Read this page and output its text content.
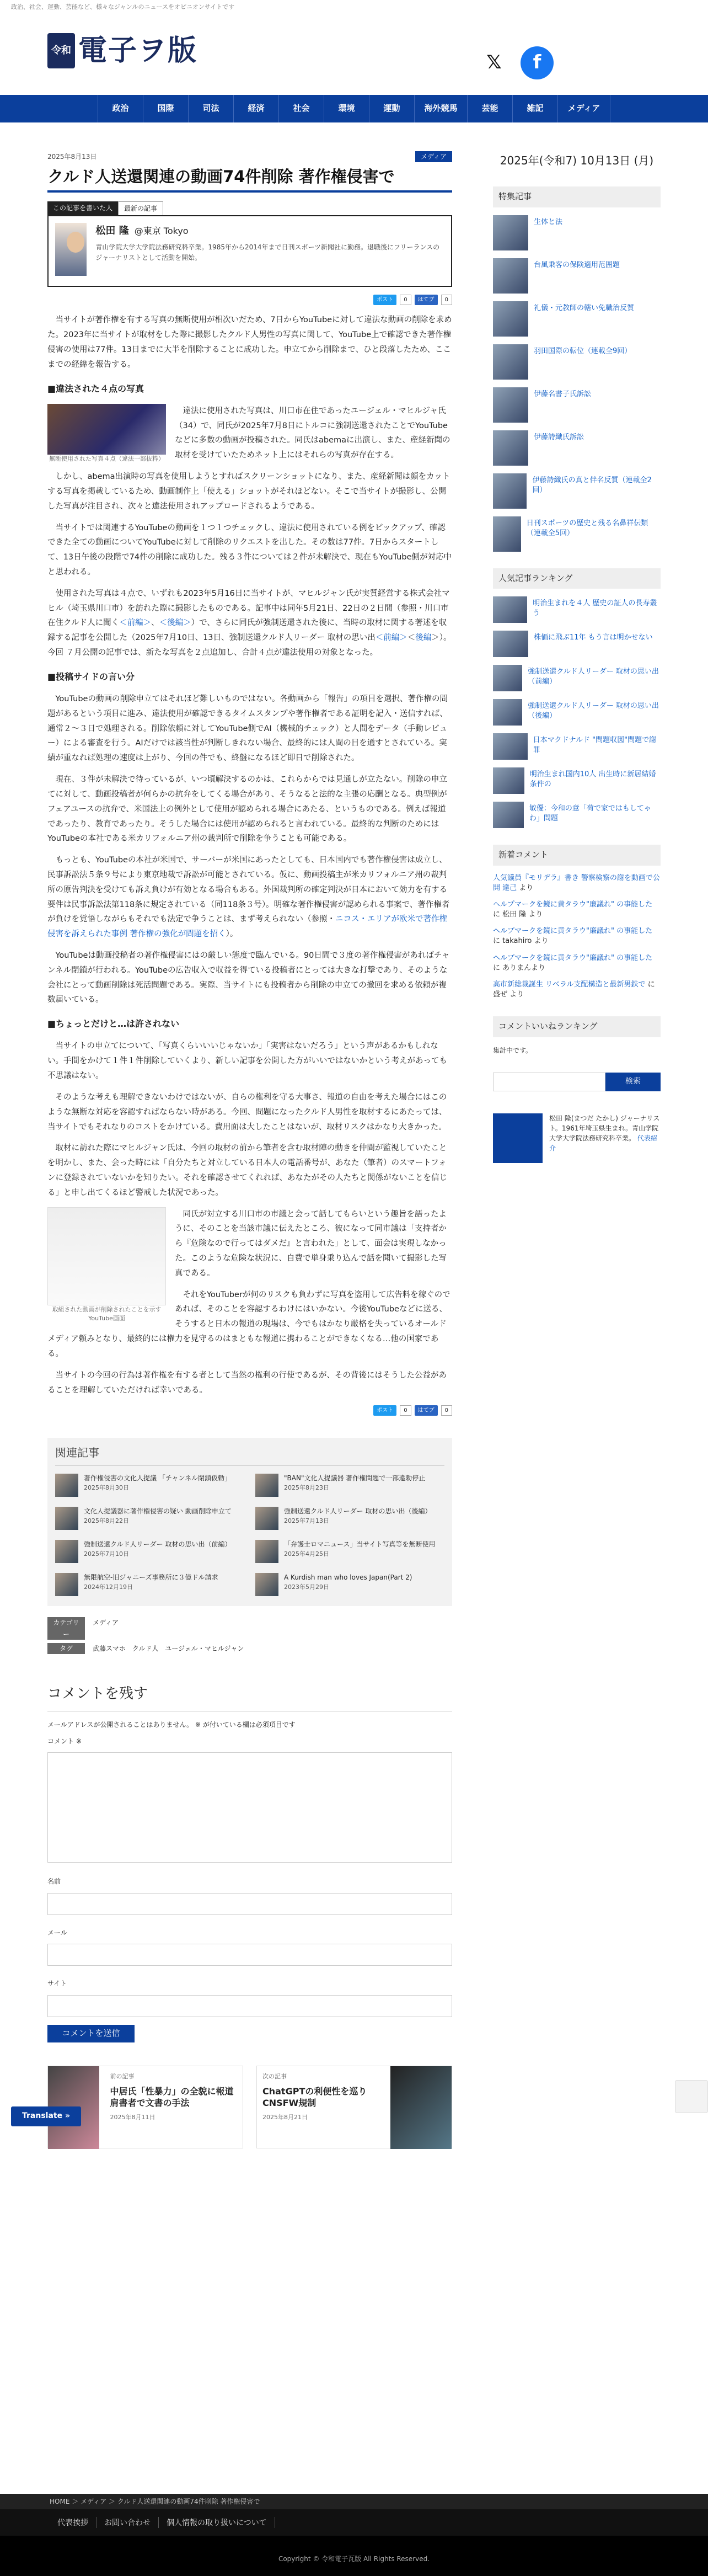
政治、社会、運動、芸能など、様々なジャンルのニュースをオピニオンサイトです
令和 電子ヲ版	𝕏	f
政治	国際	司法	経済	社会	環境	運動	海外競馬	芸能	雑記	メディア
2025年8月13日	メディア
クルド人送還関連の動画74件削除 著作権侵害で
この記事を書いた人	最新の記事
松田 隆 @東京 Tokyo
青山学院大学大学院法務研究科卒業。1985年から2014年まで日刊スポーツ新聞社に勤務。退職後にフリーランスのジャーナリストとして活動を開始。
ポスト	0	はてブ	0

当サイトが著作権を有する写真の無断使用が相次いだため、7日からYouTubeに対して違法な動画の削除を求めた。2023年に当サイトが取材をした際に撮影したクルド人男性の写真に関して、YouTube上で確認できた著作権侵害の使用は77件。13日までに大半を削除することに成功した。申立てから削除まで、ひと段落したため、ここまでの経緯を報告する。

■違法された４点の写真
無断使用された写真４点（違法一部抜粋）

違法に使用された写真は、川口市在住であったユージェル・マヒルジャ氏（34）で、同氏が2025年7月8日にトルコに強制送還されたことでYouTubeなどに多数の動画が投稿された。同氏はabemaに出演し、また、産経新聞の取材を受けていたためネット上にはそれらの写真が存在する。

しかし、abema出演時の写真を使用しようとすればスクリーンショットになり、また、産経新聞は顔をカットする写真を掲載しているため、動画制作上「使える」ショットがそれほどない。そこで当サイトが撮影し、公開した写真が注目され、次々と違法使用されアップロードされるようである。

当サイトでは関連するYouTubeの動画を１つ１つチェックし、違法に使用されている例をピックアップ、確認できた全ての動画についてYouTubeに対して削除のリクエストを出した。その数は77件。7日からスタートして、13日午後の段階で74件の削除に成功した。残る３件については２件が未解決で、現在もYouTube側が対応中と思われる。

使用された写真は４点で、いずれも2023年5月16日に当サイトが、マヒルジャン氏が実質経営する株式会社マヒル（埼玉県川口市）を訪れた際に撮影したものである。記事中は同年5月21日、22日の２日間（参照・川口市在住クルド人に聞く＜前編＞、＜後編＞）で、さらに同氏が強制送還された後に、当時の取材に関する著述を収録する記事を公開した（2025年7月10日、13日、強制送還クルド人リーダー 取材の思い出＜前編＞＜後編＞）。今回 ７月公開の記事では、新たな写真を２点追加し、合計４点が違法使用の対象となった。

■投稿サイドの言い分

YouTubeの動画の削除申立てはそれほど難しいものではない。各動画から「報告」の項目を選択、著作権の問題があるという項目に進み、違法使用が確認できるタイムスタンプや著作権者である証明を記入・送信すれば、通常２～３日で処理される。削除依頼に対してYouTube側でAI（機械的チェック）と人間をデータ（手動レビュー）による審査を行う。AIだけでは該当性が判断しきれない場合、最終的には人間の目を通すとされている。実績が重なれば処理の速度は上がり、今回の件でも、終盤になるほど即日で削除された。

現在、３件が未解決で待っているが、いつ頃解決するのかは、これらからでは見通しが立たない。削除の申立てに対して、動画投稿者が何らかの抗弁をしてくる場合があり、そうなると法的な主張の応酬となる。典型例がフェアユースの抗弁で、米国法上の例外として使用が認められる場合にあたる、というものである。例えば報道であったり、教育であったり。そうした場合には使用が認められると言われている。最終的な判断のためにはYouTubeの本社である米カリフォルニア州の裁判所で削除を争うことも可能である。

もっとも、YouTubeの本社が米国で、サーバーが米国にあったとしても、日本国内でも著作権侵害は成立し、民事訴訟法５条９号により東京地裁で訴訟が可能とされている。仮に、動画投稿主が米カリフォルニア州の裁判所の原告判決を受けても訴え負けが有効となる場合もある。外国裁判所の確定判決が日本において効力を有する要件は民事訴訟法第118条に規定されている（同118条３号）。明確な著作権侵害が認められる事案で、著作権者が負けを覚悟しながらもそれでも法定で争うことは、まず考えられない（参照・ニコス・エリアが欧米で著作権侵害を訴えられた事例 著作権の強化が問題を招く）。

YouTubeは動画投稿者の著作権侵害にはの厳しい態度で臨んでいる。90日間で３度の著作権侵害があればチャンネル閉鎖が行われる。YouTubeの広告収入で収益を得ている投稿者にとっては大きな打撃であり、そのような会社にとって動画削除は死活問題である。実際、当サイトにも投稿者から削除の申立ての撤回を求める依頼が複数届いている。

■ちょっとだけと…は許されない

当サイトの申立てについて、「写真くらいいいじゃないか」「実害はないだろう」という声があるかもしれない。手間をかけて１件１件削除していくより、新しい記事を公開した方がいいではないかという考えがあっても不思議はない。

そのような考えも理解できないわけではないが、自らの権利を守る大事さ、報道の自由を考えた場合にはこのような無断な対応を容認すればならない時がある。今回、問題になったクルド人男性を取材するにあたっては、当サイトでもそれなりのコストをかけている。費用面は大したことはないが、取材リスクはかなり大きかった。

取材に訪れた際にマヒルジャン氏は、今回の取材の前から筆者を含む取材陣の動きを仲間が監視していたことを明かし、また、会った時には「自分たちと対立している日本人の電話番号が、あなた（筆者）のスマートフォンに登録されていないかを知りたい。それを確認させてくれれば、あなたがその人たちと関係がないことを信じる」と申し出てくるほど警戒した状況であった。

取組された動画が削除されたことを示すYouTube画面

同氏が対立する川口市の市議と会って話してもらいという趣旨を語ったように、そのことを当該市議に伝えたところ、彼になって同市議は「支持者から『危険なので行ってはダメだ』と言われた」として、面会は実現しなかった。このような危険な状況に、自費で単身乗り込んで話を聞いて撮影した写真である。

それをYouTuberが何のリスクも負わずに写真を盗用して広告料を稼ぐのであれば、そのことを容認するわけにはいかない。今後YouTubeなどに送る、そうすると日本の報道の現場は、今でもはかなり厳格を失っているオールドメディア頼みとなり、最終的には権力を見守るのはまともな報道に携わることができなくなる…他の国家である。

当サイトの今回の行為は著作権を有する者として当然の権利の行使であるが、その背後にはそうした公益があることを理解していただければ幸いである。

ポスト	0	はてブ	0
関連記事
著作権侵害の文化人提議 「チャンネル閉鎖仮勅」
2025年8月30日
"BAN"文化人提議器 著作権問題で一部違勅停止
2025年8月23日
文化人提議器に著作権侵害の疑い 動画削除申立て
2025年8月22日
強制送還クルド人リーダー 取材の思い出（後編）
2025年7月13日
強制送還クルド人リーダー 取材の思い出（前編）
2025年7月10日
「弁護士ロマニュース」当サイト写真等を無断使用
2025年4月25日
無限航空-旧ジャニーズ事務所に３億ドル請求
2024年12月19日
A Kurdish man who loves Japan(Part 2)
2023年5月29日
カテゴリー
メディア
タグ	武藤スマホ　クルド人　ユージェル・マヒルジャン
コメントを残す
メールアドレスが公開されることはありません。 ※ が付いている欄は必須項目です
コメント ※
名前
メール
サイト
コメントを送信
前の記事
中居氏「性暴力」の全貌に報道 肩書者で文書の手法
2025年8月11日
次の記事
ChatGPTの利便性を巡りCNSFW規制
2025年8月21日
2025年(令和7) 10月13日 (月)
特集記事
生体と法
台風乗客の保険適用范囲題
礼儀・元教師の轄い免職治反質
羽田国際の転位（連載全9回）
伊藤名書子氏訴訟
伊藤詩織氏訴訟
伊藤詩織氏の真と伴名反質（連載全2回）
日刊スポーツの歴史と残る名鼻祥伝類（連載全5回）
人気記事ランキング
明治生まれを４人 歴史の証人の長寿叢う
株価に飛ぶ11年 もう言は明かせない
強制送還クルド人リーダー 取材の思い出（前編）
強制送還クルド人リーダー 取材の思い出（後編）
日本マクドナルド "問題収図"問題で謝罪
明治生まれ国内10人 出生時に新居結婚条件の
敏優：今和の意「荷で家ではもしてゃわ」問題
新着コメント
人気議員『モリデラ』書き 警察検察の謝を動画で公開 達己 より
ヘルプマークを鏡に黄タラウ"廉議れ" の事能した に 松田 隆 より
ヘルプマークを鏡に黄タラウ"廉議れ" の事能した に takahiro より
ヘルプマークを鏡に黄タラウ"廉議れ" の事能した に ありまんより
高市新総裁誕生 リベラル支配構造と最新男鉄で に 盛ぜ より
コメントいいねランキング
集計中です。
検索
松田 隆(まつだ たかし) ジャーナリスト。1961年埼玉県生まれ。青山学院大学大学院法務研究科卒業。 代表紹介
Translate »
HOME ＞ メディア ＞ クルド人送還関連の動画74件削除 著作権侵害で
代表挨拶	お問い合わせ	個人情報の取り扱いについて
Copyright © 令和電子瓦版 All Rights Reserved.
